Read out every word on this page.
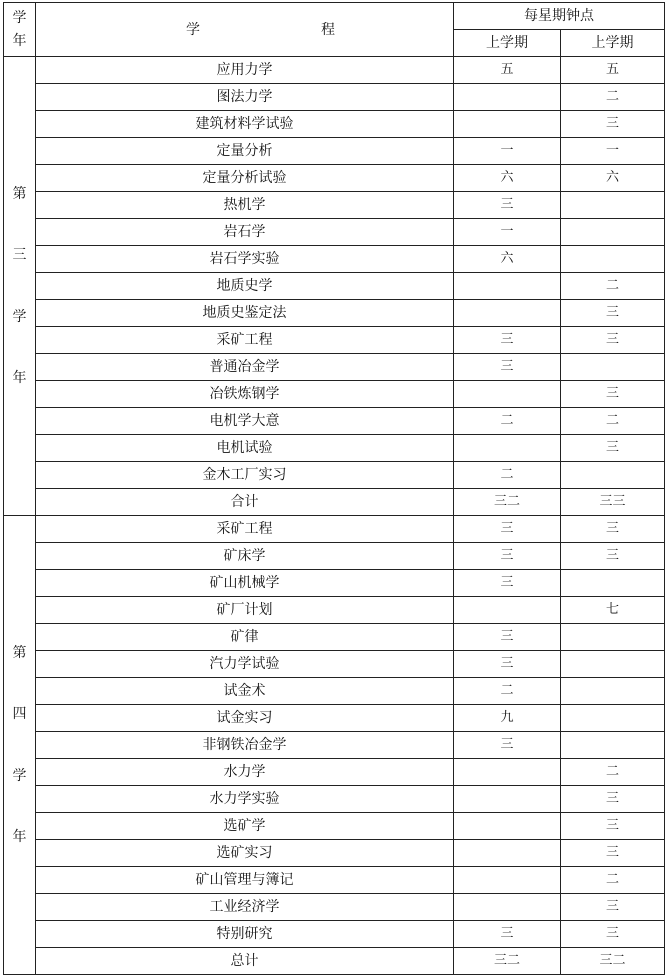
学
年	学 程	每星期钟点	
		上学期	上学期

第
三
学
年	应用力学	五	五
	图法力学		二
	建筑材料学试验		三
	定量分析	一	一
	定量分析试验	六	六
	热机学	三	
	岩石学	一	
	岩石学实验	六	
	地质史学		二
	地质史鉴定法		三
	采矿工程	三	三
	普通冶金学	三	
	冶铁炼钢学		三
	电机学大意	二	二
	电机试验		三
	金木工厂实习	二	
	合计	三二	三三

第
四
学
年	采矿工程	三	三
	矿床学	三	三
	矿山机械学	三	
	矿厂计划		七
	矿律	三	
	汽力学试验	三	
	试金术	二	
	试金实习	九	
	非钢铁冶金学	三	
	水力学		二
	水力学实验		三
	选矿学		三
	选矿实习		三
	矿山管理与簿记		二
	工业经济学		三
	特别研究	三	三
	总计	三二	三二
